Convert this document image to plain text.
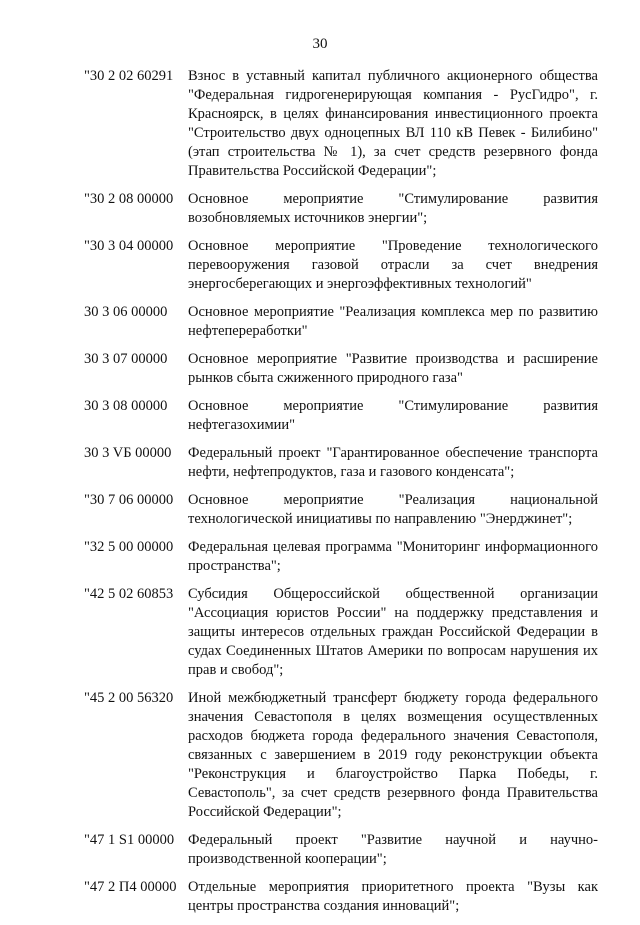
30
"30 2 02 60291	Взнос в уставный капитал публичного акционерного общества "Федеральная гидрогенерирующая компания - РусГидро", г. Красноярск, в целях финансирования инвестиционного проекта "Строительство двух одноцепных ВЛ 110 кВ Певек - Билибино" (этап строительства № 1), за счет средств резервного фонда Правительства Российской Федерации";
"30 2 08 00000	Основное мероприятие "Стимулирование развития возобновляемых источников энергии";
"30 3 04 00000	Основное мероприятие "Проведение технологического перевооружения газовой отрасли за счет внедрения энергосберегающих и энергоэффективных технологий"
30 3 06 00000	Основное мероприятие "Реализация комплекса мер по развитию нефтепереработки"
30 3 07 00000	Основное мероприятие "Развитие производства и расширение рынков сбыта сжиженного природного газа"
30 3 08 00000	Основное мероприятие "Стимулирование развития нефтегазохимии"
30 3 VБ 00000	Федеральный проект "Гарантированное обеспечение транспорта нефти, нефтепродуктов, газа и газового конденсата";
"30 7 06 00000	Основное мероприятие "Реализация национальной технологической инициативы по направлению "Энерджинет";
"32 5 00 00000	Федеральная целевая программа "Мониторинг информационного пространства";
"42 5 02 60853	Субсидия Общероссийской общественной организации "Ассоциация юристов России" на поддержку представления и защиты интересов отдельных граждан Российской Федерации в судах Соединенных Штатов Америки по вопросам нарушения их прав и свобод";
"45 2 00 56320	Иной межбюджетный трансферт бюджету города федерального значения Севастополя в целях возмещения осуществленных расходов бюджета города федерального значения Севастополя, связанных с завершением в 2019 году реконструкции объекта "Реконструкция и благоустройство Парка Победы, г. Севастополь", за счет средств резервного фонда Правительства Российской Федерации";
"47 1 S1 00000 Федеральный проект "Развитие научной и научно-производственной кооперации";
"47 2 П4 00000 Отдельные мероприятия приоритетного проекта "Вузы как центры пространства создания инноваций";
